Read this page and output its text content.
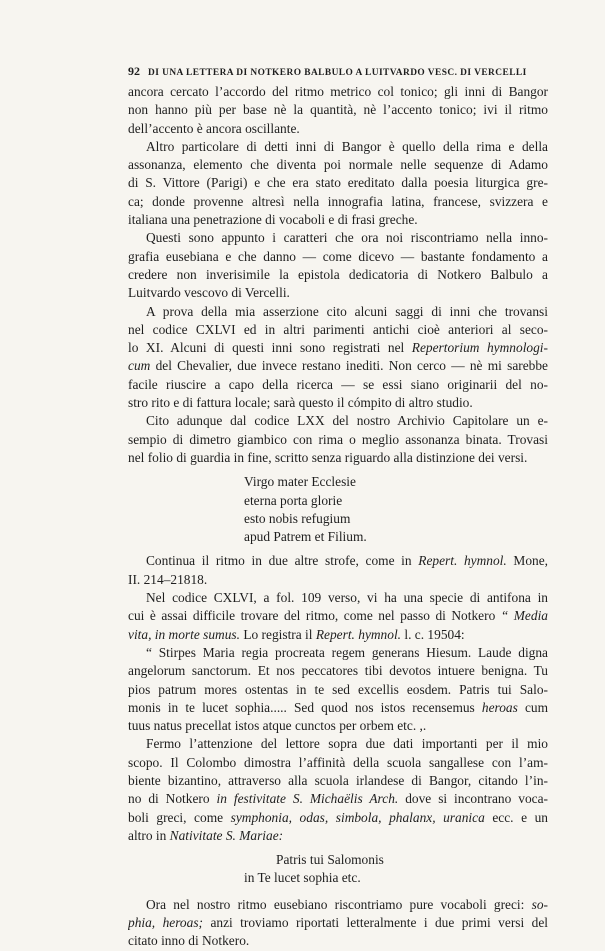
92 DI UNA LETTERA DI NOTKERO BALBULO A LUITVARDO VESC. DI VERCELLI
ancora cercato l’accordo del ritmo metrico col tonico; gli inni di Bangor
non hanno più per base nè la quantità, nè l’accento tonico; ivi il ritmo
dell’accento è ancora oscillante.
Altro particolare di detti inni di Bangor è quello della rima e della
assonanza, elemento che diventa poi normale nelle sequenze di Adamo
di S. Vittore (Parigi) e che era stato ereditato dalla poesia liturgica gre-
ca; donde provenne altresì nella innografia latina, francese, svizzera e
italiana una penetrazione di vocaboli e di frasi greche.
Questi sono appunto i caratteri che ora noi riscontriamo nella inno-
grafia eusebiana e che danno — come dicevo — bastante fondamento a
credere non inverisimile la epistola dedicatoria di Notkero Balbulo a
Luitvardo vescovo di Vercelli.
A prova della mia asserzione cito alcuni saggi di inni che trovansi
nel codice CXLVI ed in altri parimenti antichi cioè anteriori al seco-
lo XI. Alcuni di questi inni sono registrati nel Repertorium hymnologi-
cum del Chevalier, due invece restano inediti. Non cerco — nè mi sarebbe
facile riuscire a capo della ricerca — se essi siano originarii del no-
stro rito e di fattura locale; sarà questo il cómpito di altro studio.
Cito adunque dal codice LXX del nostro Archivio Capitolare un e-
sempio di dimetro giambico con rima o meglio assonanza binata. Trovasi
nel folio di guardia in fine, scritto senza riguardo alla distinzione dei versi.
Virgo mater Ecclesie
eterna porta glorie
esto nobis refugium
apud Patrem et Filium.
Continua il ritmo in due altre strofe, come in Repert. hymnol. Mone,
II. 214–21818.
Nel codice CXLVI, a fol. 109 verso, vi ha una specie di antifona in
cui è assai difficile trovare del ritmo, come nel passo di Notkero “ Media
vita, in morte sumus. Lo registra il Repert. hymnol. l. c. 19504:
“ Stirpes Maria regia procreata regem generans Hiesum. Laude digna
angelorum sanctorum. Et nos peccatores tibi devotos intuere benigna. Tu
pios patrum mores ostentas in te sed excellis eosdem. Patris tui Salo-
monis in te lucet sophia..... Sed quod nos istos recensemus heroas cum
tuus natus precellat istos atque cunctos per orbem etc. ,.
Fermo l’attenzione del lettore sopra due dati importanti per il mio
scopo. Il Colombo dimostra l’affinità della scuola sangallese con l’am-
biente bizantino, attraverso alla scuola irlandese di Bangor, citando l’in-
no di Notkero in festivitate S. Michaëlis Arch. dove si incontrano voca-
boli greci, come symphonia, odas, simbola, phalanx, uranica ecc. e un
altro in Nativitate S. Mariae:
Patris tui Salomonis
in Te lucet sophia etc.
Ora nel nostro ritmo eusebiano riscontriamo pure vocaboli greci: so-
phia, heroas; anzi troviamo riportati letteralmente i due primi versi del
citato inno di Notkero.
